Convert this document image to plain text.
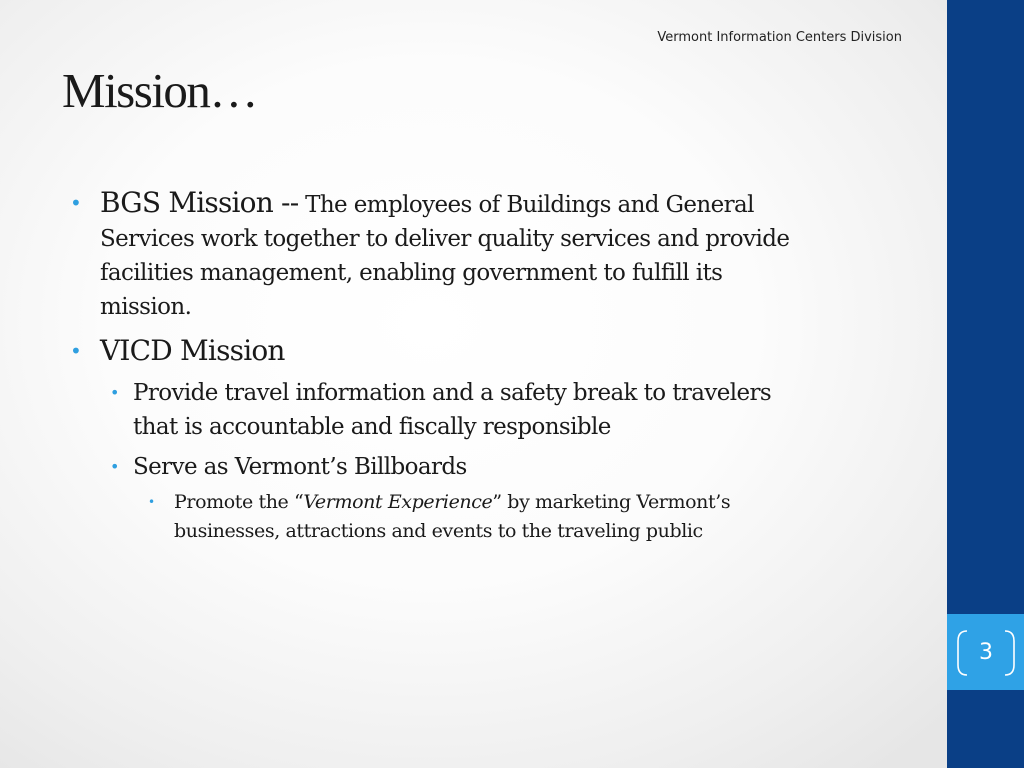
3
Vermont Information Centers Division
Mission…
• BGS Mission -- The employees of Buildings and General
Services work together to deliver quality services and provide
facilities management, enabling government to fulfill its
mission.
• VICD Mission
• Provide travel information and a safety break to travelers
that is accountable and fiscally responsible
• Serve as Vermont’s Billboards
• Promote the “Vermont Experience” by marketing Vermont’s
businesses, attractions and events to the traveling public
